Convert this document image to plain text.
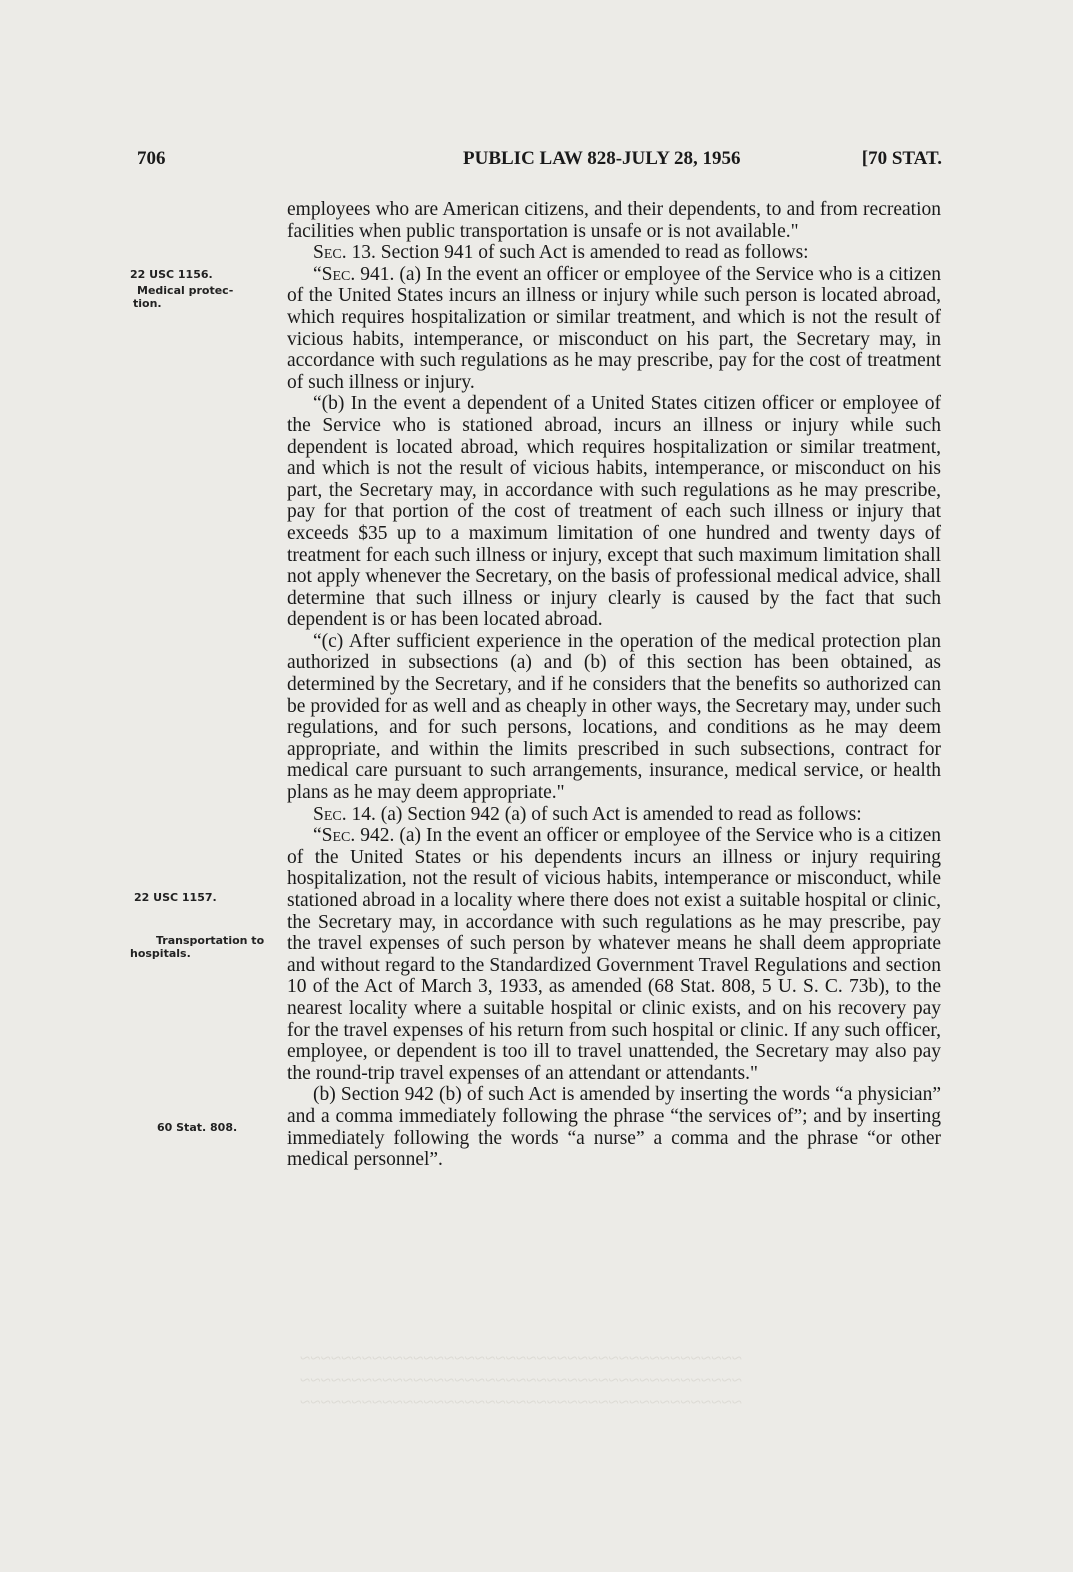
~~~~~~~~~~~~~~~~~~~~~~~~~~~~~~~~~~~~~~~~~~~
~~~~~~~~~~~~~~~~~~~~~~~~~~~~~~~~~~~~~~~~~~~
~~~~~~~~~~~~~~~~~~~~~~~~~~~~~~~~~~~~~~~~~~~
706	PUBLIC LAW 828-JULY 28, 1956	[70 STAT.
22 USC 1156.
Medical protec-
tion.
22 USC 1157.
Transportation to
hospitals.
60 Stat. 808.

employees who are American citizens, and their dependents, to and from recreation facilities when public transportation is unsafe or is not available."

Sec. 13. Section 941 of such Act is amended to read as follows:

“Sec. 941. (a) In the event an officer or employee of the Service who is a citizen of the United States incurs an illness or injury while such person is located abroad, which requires hospitalization or similar treatment, and which is not the result of vicious habits, intemperance, or misconduct on his part, the Secretary may, in accordance with such regulations as he may prescribe, pay for the cost of treatment of such illness or injury.

“(b) In the event a dependent of a United States citizen officer or employee of the Service who is stationed abroad, incurs an illness or injury while such dependent is located abroad, which requires hospitalization or similar treatment, and which is not the result of vicious habits, intemperance, or misconduct on his part, the Secretary may, in accordance with such regulations as he may prescribe, pay for that portion of the cost of treatment of each such illness or injury that exceeds $35 up to a maximum limitation of one hundred and twenty days of treatment for each such illness or injury, except that such maximum limitation shall not apply whenever the Secretary, on the basis of professional medical advice, shall determine that such illness or injury clearly is caused by the fact that such dependent is or has been located abroad.

“(c) After sufficient experience in the operation of the medical protection plan authorized in subsections (a) and (b) of this section has been obtained, as determined by the Secretary, and if he considers that the benefits so authorized can be provided for as well and as cheaply in other ways, the Secretary may, under such regulations, and for such persons, locations, and conditions as he may deem appropriate, and within the limits prescribed in such subsections, contract for medical care pursuant to such arrangements, insurance, medical service, or health plans as he may deem appropriate."

Sec. 14. (a) Section 942 (a) of such Act is amended to read as follows:

“Sec. 942. (a) In the event an officer or employee of the Service who is a citizen of the United States or his dependents incurs an illness or injury requiring hospitalization, not the result of vicious habits, intemperance or misconduct, while stationed abroad in a locality where there does not exist a suitable hospital or clinic, the Secretary may, in accordance with such regulations as he may prescribe, pay the travel expenses of such person by whatever means he shall deem appropriate and without regard to the Standardized Government Travel Regulations and section 10 of the Act of March 3, 1933, as amended (68 Stat. 808, 5 U. S. C. 73b), to the nearest locality where a suitable hospital or clinic exists, and on his recovery pay for the travel expenses of his return from such hospital or clinic. If any such officer, employee, or dependent is too ill to travel unattended, the Secretary may also pay the round-trip travel expenses of an attendant or attendants."

(b) Section 942 (b) of such Act is amended by inserting the words “a physician” and a comma immediately following the phrase “the services of”; and by inserting immediately following the words “a nurse” a comma and the phrase “or other medical personnel”.
